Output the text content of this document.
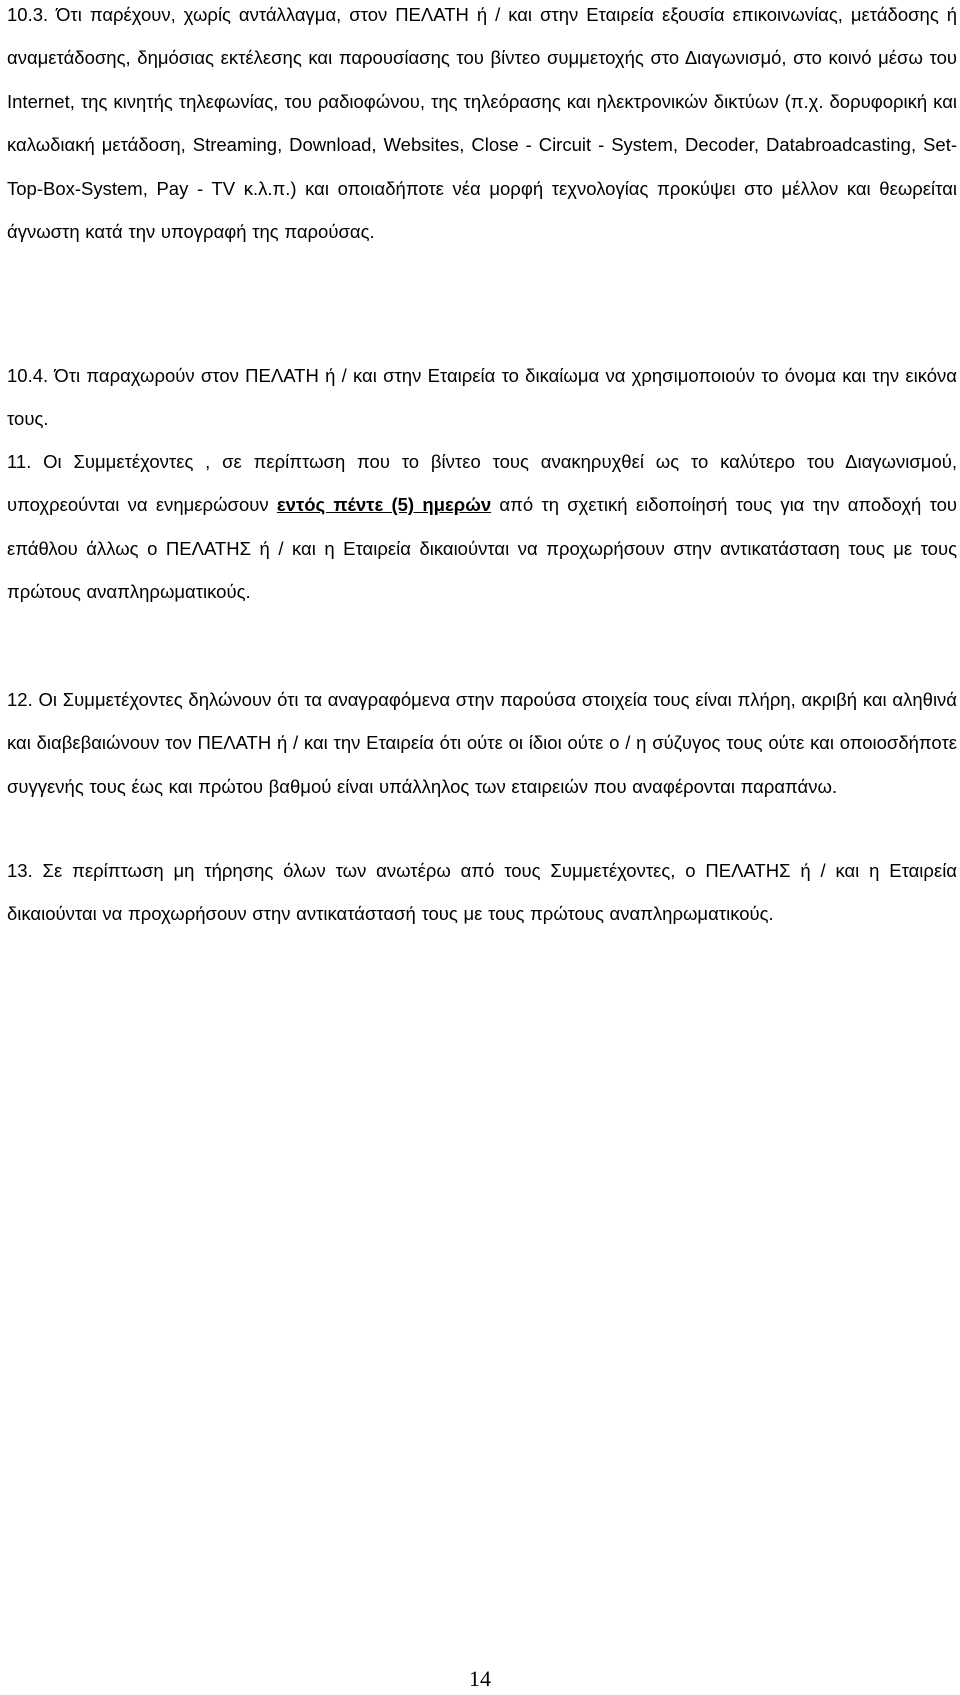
10.3. Ότι παρέχουν, χωρίς αντάλλαγμα, στον ΠΕΛΑΤΗ ή / και στην Εταιρεία εξουσία επικοινωνίας, μετάδοσης ή αναμετάδοσης, δημόσιας εκτέλεσης και παρουσίασης του βίντεο συμμετοχής στο Διαγωνισμό, στο κοινό μέσω του Internet, της κινητής τηλεφωνίας, του ραδιοφώνου, της τηλεόρασης και ηλεκτρονικών δικτύων (π.χ. δορυφορική και καλωδιακή μετάδοση, Streaming, Download, Websites, Close - Circuit - System, Decoder, Databroadcasting, Set-Top-Box-System, Pay - TV κ.λ.π.) και οποιαδήποτε νέα μορφή τεχνολογίας προκύψει στο μέλλον και θεωρείται άγνωστη κατά την υπογραφή της παρούσας.

10.4. Ότι παραχωρούν στον ΠΕΛΑΤΗ ή / και στην Εταιρεία το δικαίωμα να χρησιμοποιούν το όνομα και την εικόνα τους.

11. Οι Συμμετέχοντες , σε περίπτωση που το βίντεο τους ανακηρυχθεί ως το καλύτερο του Διαγωνισμού, υποχρεούνται να ενημερώσουν εντός πέντε (5) ημερών από τη σχετική ειδοποίησή τους για την αποδοχή του επάθλου άλλως ο ΠΕΛΑΤΗΣ ή / και η Εταιρεία δικαιούνται να προχωρήσουν στην αντικατάσταση τους με τους πρώτους αναπληρωματικούς.

12. Οι Συμμετέχοντες δηλώνουν ότι τα αναγραφόμενα στην παρούσα στοιχεία τους είναι πλήρη, ακριβή και αληθινά και διαβεβαιώνουν τον ΠΕΛΑΤΗ ή / και την Εταιρεία ότι ούτε οι ίδιοι ούτε ο / η σύζυγος τους ούτε και οποιοσδήποτε συγγενής τους έως και πρώτου βαθμού είναι υπάλληλος των εταιρειών που αναφέρονται παραπάνω.

13. Σε περίπτωση μη τήρησης όλων των ανωτέρω από τους Συμμετέχοντες, ο ΠΕΛΑΤΗΣ ή / και η Εταιρεία δικαιούνται να προχωρήσουν στην αντικατάστασή τους με τους πρώτους αναπληρωματικούς.

14
